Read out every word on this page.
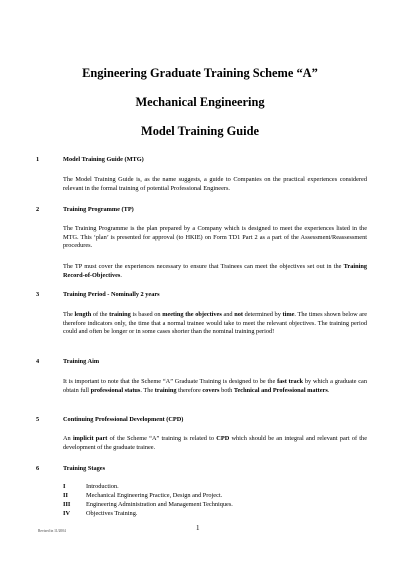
Engineering Graduate Training Scheme “A”
Mechanical Engineering
Model Training Guide
1	Model Training Guide (MTG)
The Model Training Guide is, as the name suggests, a guide to Companies on the practical experiences considered relevant in the formal training of potential Professional Engineers.
2	Training Programme (TP)
The Training Programme is the plan prepared by a Company which is designed to meet the experiences listed in the MTG. This ‘plan’ is presented for approval (to HKIE) on Form TD1 Part 2 as a part of the Assessment/Reassessment procedures.
The TP must cover the experiences necessary to ensure that Trainees can meet the objectives set out in the Training Record-of-Objectives.
3	Training Period - Nominally 2 years
The length of the training is based on meeting the objectives and not determined by time. The times shown below are therefore indicators only, the time that a normal trainee would take to meet the relevant objectives. The training period could and often be longer or in some cases shorter than the nominal training period!
4	Training Aim
It is important to note that the Scheme “A” Graduate Training is designed to be the fast track by which a graduate can obtain full professional status. The training therefore covers both Technical and Professional matters.
5	Continuing Professional Development (CPD)
An implicit part of the Scheme “A” training is related to CPD which should be an integral and relevant part of the development of the graduate trainee.
6	Training Stages
I	Introduction.
II	Mechanical Engineering Practice, Design and Project.
III Engineering Administration and Management Techniques.
IV	Objectives Training.
Revised in 11/2004	1
